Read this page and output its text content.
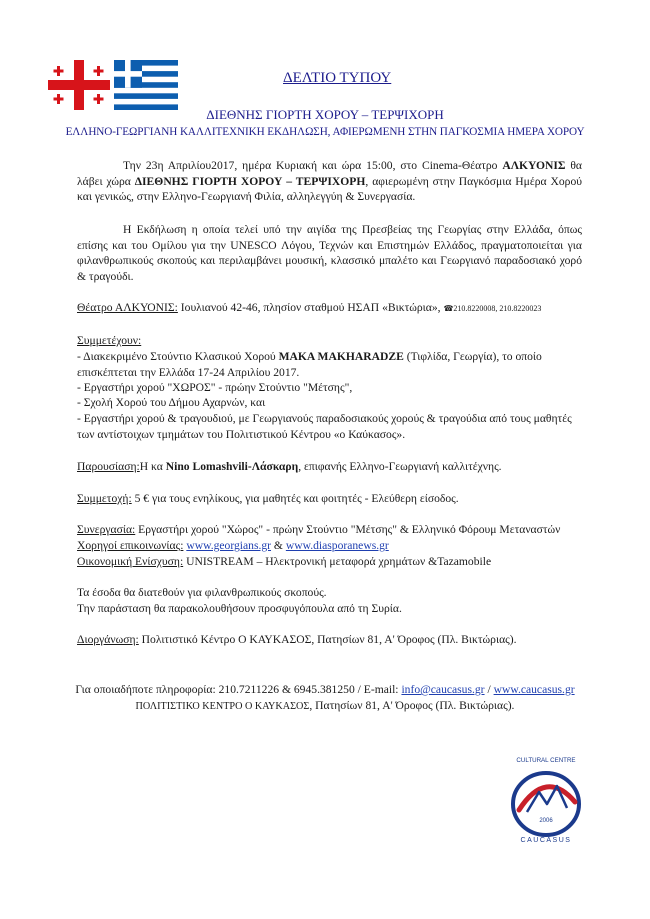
ΔΕΛΤΙΟ ΤΥΠΟΥ
ΔΙΕΘΝΗΣ ΓΙΟΡΤΗ ΧΟΡΟΥ – ΤΕΡΨΙΧΟΡΗ
ΕΛΛΗΝΟ-ΓΕΩΡΓΙΑΝΗ ΚΑΛΛΙΤΕΧΝΙΚΗ ΕΚΔΗΛΩΣΗ, ΑΦΙΕΡΩΜΕΝΗ ΣΤΗΝ ΠΑΓΚΟΣΜΙΑ ΗΜΕΡΑ ΧΟΡΟΥ
Την 23η Απριλίου2017, ημέρα Κυριακή και ώρα 15:00, στο Cinema-Θέατρο ΑΛΚΥΟΝΙΣ θα λάβει χώρα ΔΙΕΘΝΗΣ ΓΙΟΡΤΗ ΧΟΡΟΥ – ΤΕΡΨΙΧΟΡΗ, αφιερωμένη στην Παγκόσμια Ημέρα Χορού και γενικώς, στην Ελληνο-Γεωργιανή Φιλία, αλληλεγγύη & Συνεργασία.
Η Εκδήλωση η οποία τελεί υπό την αιγίδα της Πρεσβείας της Γεωργίας στην Ελλάδα, όπως επίσης και του Ομίλου για την UNESCO Λόγου, Τεχνών και Επιστημών Ελλάδος, πραγματοποιείται για φιλανθρωπικούς σκοπούς και περιλαμβάνει μουσική, κλασσικό μπαλέτο και Γεωργιανό παραδοσιακό χορό & τραγούδι.
Θέατρο ΑΛΚΥΟΝΙΣ: Ιουλιανού 42-46, πλησίον σταθμού ΗΣΑΠ «Βικτώρια», ☎210.8220008, 210.8220023
Συμμετέχουν:
- Διακεκριμένο Στούντιο Κλασικού Χορού ΜΑΚΑ MAKHARADZE (Τιφλίδα, Γεωργία), το οποίο επισκέπτεται την Ελλάδα 17-24 Απριλίου 2017.
- Εργαστήρι χορού "ΧΩΡΟΣ" - πρώην Στούντιο "Μέτσης",
- Σχολή Χορού του Δήμου Αχαρνών, και
- Εργαστήρι χορού & τραγουδιού, με Γεωργιανούς παραδοσιακούς χορούς & τραγούδια από τους μαθητές των αντίστοιχων τμημάτων του Πολιτιστικού Κέντρου «ο Καύκασος».
Παρουσίαση:Η κα Nino Lomashvili-Λάσκαρη, επιφανής Ελληνο-Γεωργιανή καλλιτέχνης.
Συμμετοχή: 5 € για τους ενηλίκους, για μαθητές και φοιτητές - Ελεύθερη είσοδος.
Συνεργασία: Εργαστήρι χορού "Χώρος" - πρώην Στούντιο "Μέτσης" & Ελληνικό Φόρουμ Μεταναστών
Χορηγοί επικοινωνίας: www.georgians.gr & www.diasporanews.gr
Οικονομική Ενίσχυση: UNISTREAM – Ηλεκτρονική μεταφορά χρημάτων &Tazamobile
Τα έσοδα θα διατεθούν για φιλανθρωπικούς σκοπούς.
Την παράσταση θα παρακολουθήσουν προσφυγόπουλα από τη Συρία.
Διοργάνωση: Πολιτιστικό Κέντρο Ο ΚΑΥΚΑΣΟΣ, Πατησίων 81, Α' Όροφος (Πλ. Βικτώριας).
Για οποιαδήποτε πληροφορία: 210.7211226 & 6945.381250 / E-mail: info@caucasus.gr / www.caucasus.gr
ΠΟΛΙΤΙΣΤΙΚΟ ΚΕΝΤΡΟ Ο ΚΑΥΚΑΣΟΣ, Πατησίων 81, Α' Όροφος (Πλ. Βικτώριας).
CULTURAL CENTRE
2006
CAUCASUS
